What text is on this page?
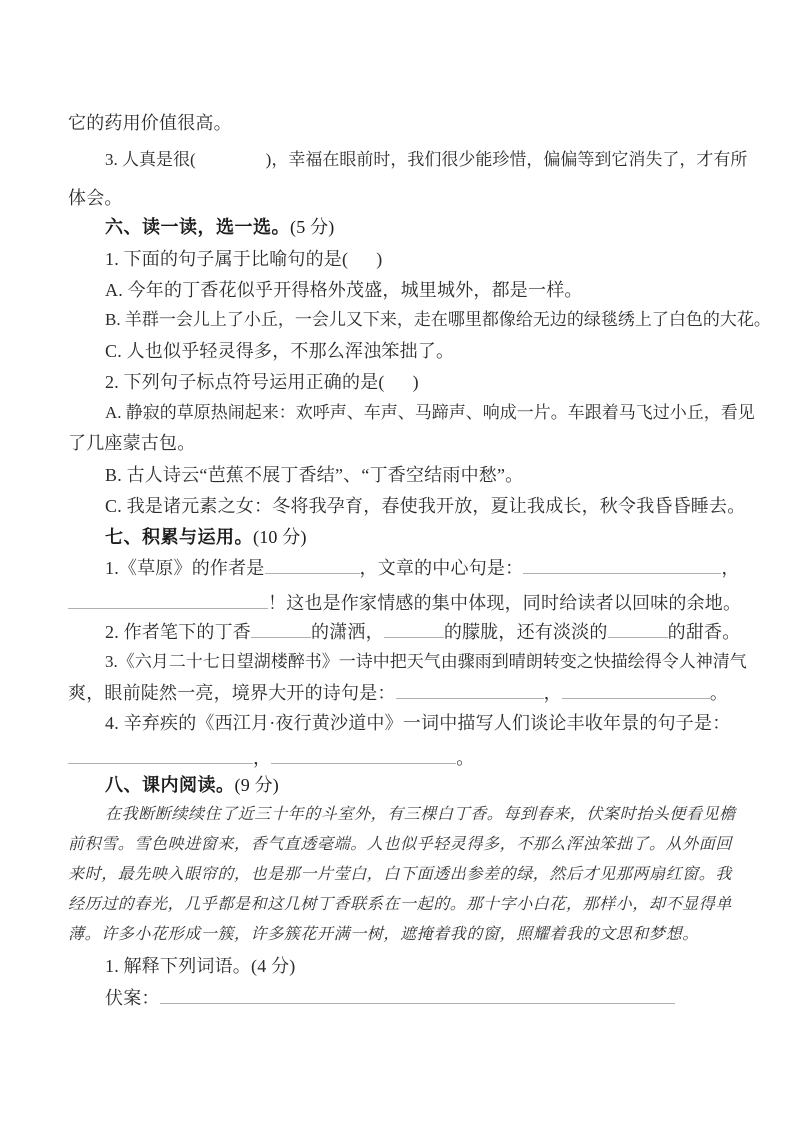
它的药用价值很高。
3. 人真是很(	)，幸福在眼前时，我们很少能珍惜，偏偏等到它消失了，才有所
体会。
六、读一读，选一选。(5 分)
1. 下面的句子属于比喻句的是( )
A. 今年的丁香花似乎开得格外茂盛，城里城外，都是一样。
B. 羊群一会儿上了小丘，一会儿又下来，走在哪里都像给无边的绿毯绣上了白色的大花。
C. 人也似乎轻灵得多，不那么浑浊笨拙了。
2. 下列句子标点符号运用正确的是( )
A. 静寂的草原热闹起来：欢呼声、车声、马蹄声、响成一片。车跟着马飞过小丘，看见
了几座蒙古包。
B. 古人诗云“芭蕉不展丁香结”、“丁香空结雨中愁”。
C. 我是诸元素之女：冬将我孕育，春使我开放，夏让我成长，秋令我昏昏睡去。
七、积累与运用。(10 分)
1.《草原》的作者是	，文章的中心句是：	，
！这也是作家情感的集中体现，同时给读者以回味的余地。
2. 作者笔下的丁香	的潇洒，	的朦胧，还有淡淡的	的甜香。
3.《六月二十七日望湖楼醉书》一诗中把天气由骤雨到晴朗转变之快描绘得令人神清气
爽，眼前陡然一亮，境界大开的诗句是：	，	。
4. 辛弃疾的《西江月·夜行黄沙道中》一词中描写人们谈论丰收年景的句子是：
，	。
八、课内阅读。(9 分)
在我断断续续住了近三十年的斗室外，有三棵白丁香。每到春来，伏案时抬头便看见檐
前积雪。雪色映进窗来，香气直透毫端。人也似乎轻灵得多，不那么浑浊笨拙了。从外面回
来时，最先映入眼帘的，也是那一片莹白，白下面透出参差的绿，然后才见那两扇红窗。我
经历过的春光，几乎都是和这几树丁香联系在一起的。那十字小白花，那样小，却不显得单
薄。许多小花形成一簇，许多簇花开满一树，遮掩着我的窗，照耀着我的文思和梦想。
1. 解释下列词语。(4 分)
伏案：
